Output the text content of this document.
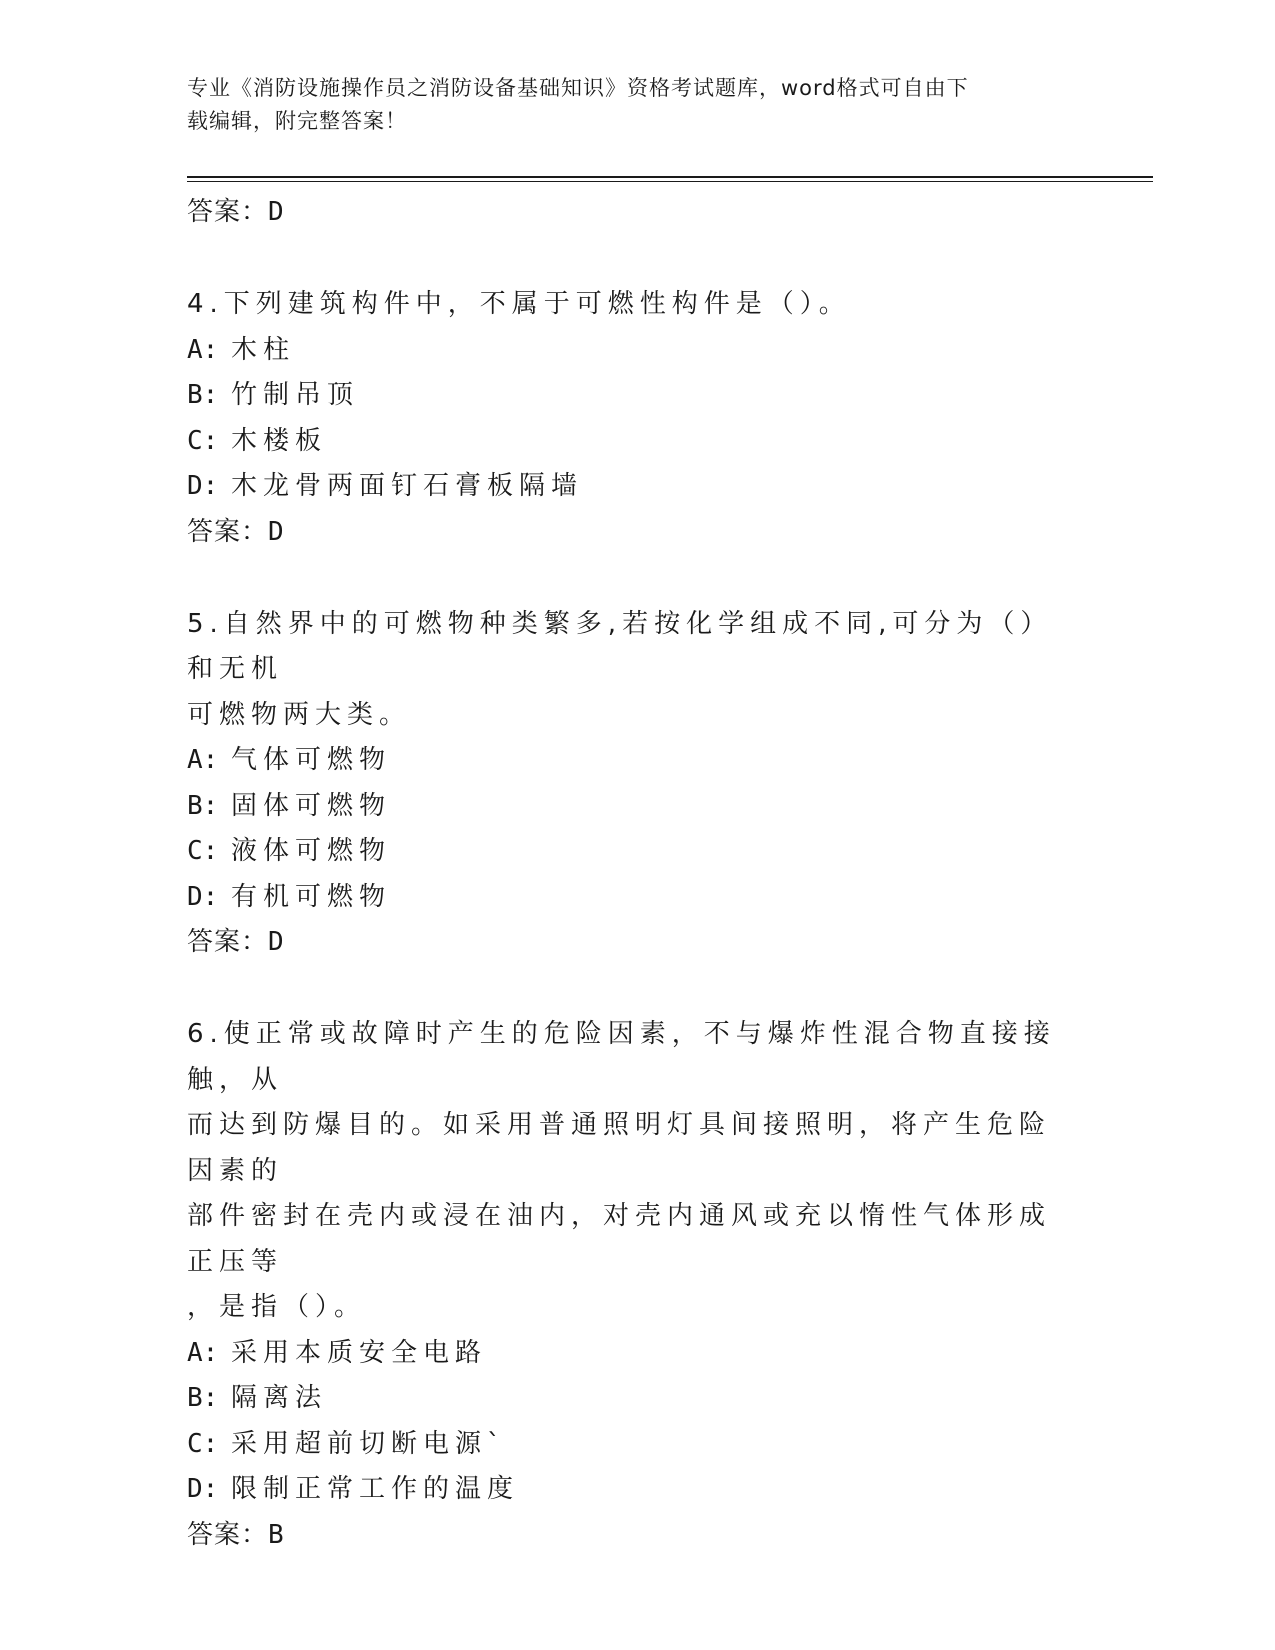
专业《消防设施操作员之消防设备基础知识》资格考试题库，word格式可自由下
载编辑，附完整答案！
答案：D
4.下列建筑构件中，不属于可燃性构件是（）。
A: 木柱
B: 竹制吊顶
C: 木楼板
D: 木龙骨两面钉石膏板隔墙
答案：D
5.自然界中的可燃物种类繁多,若按化学组成不同,可分为（）和无机
可燃物两大类。
A: 气体可燃物
B: 固体可燃物
C: 液体可燃物
D: 有机可燃物
答案：D
6.使正常或故障时产生的危险因素，不与爆炸性混合物直接接触，从
而达到防爆目的。如采用普通照明灯具间接照明，将产生危险因素的
部件密封在壳内或浸在油内，对壳内通风或充以惰性气体形成正压等
，是指（）。
A: 采用本质安全电路
B: 隔离法
C: 采用超前切断电源`
D: 限制正常工作的温度
答案：B
